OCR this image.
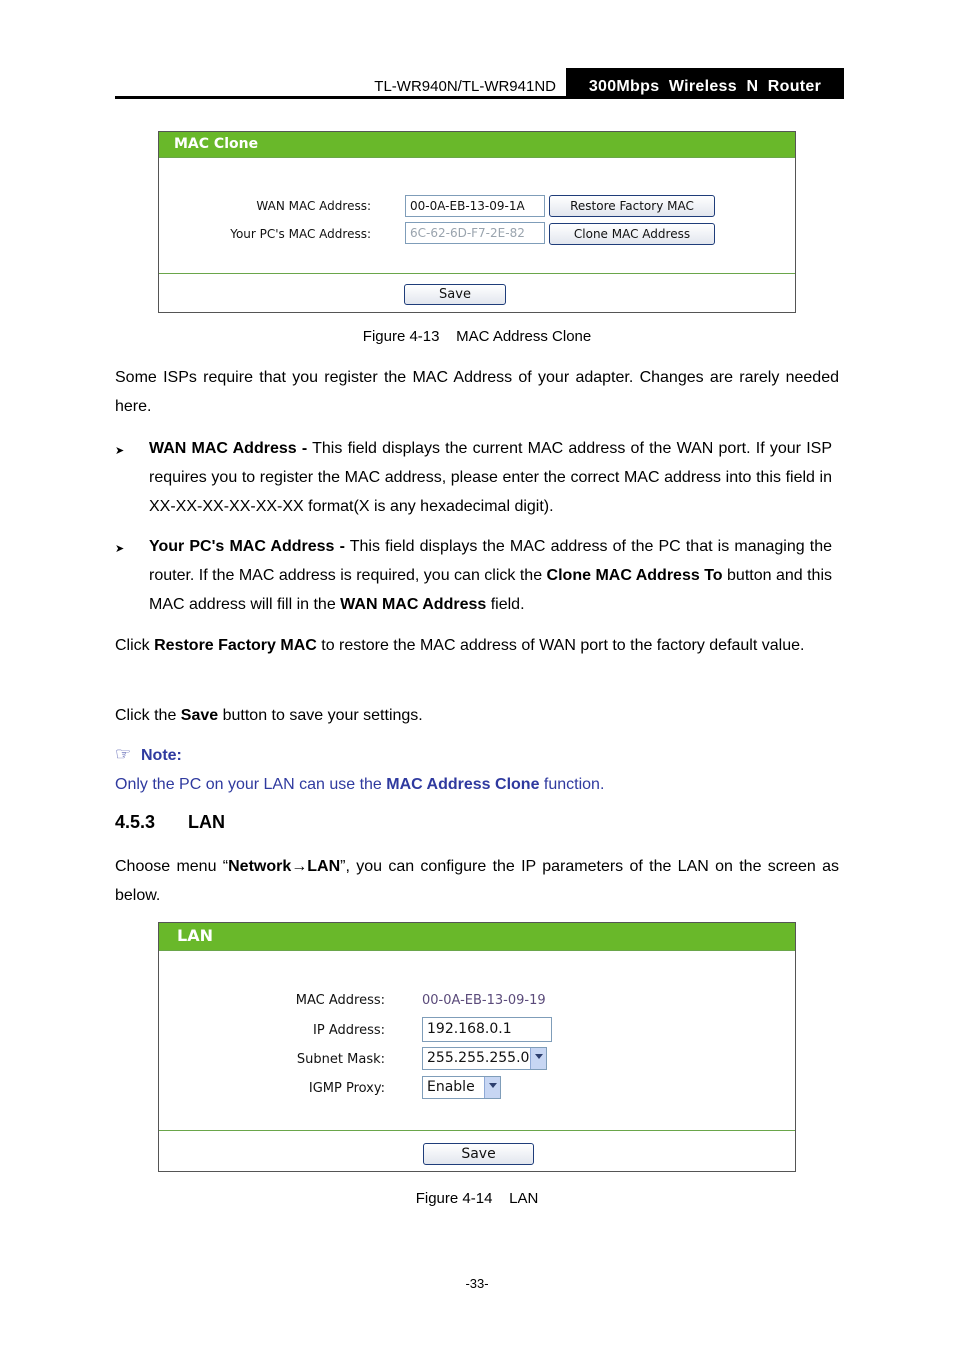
TL-WR940N/TL-WR941ND	300Mbps  Wireless  N  Router
MAC Clone
WAN MAC Address:	00-0A-EB-13-09-1A	Restore Factory MAC
Your PC's MAC Address:	6C-62-6D-F7-2E-82	Clone MAC Address
Save
Figure 4-13    MAC Address Clone
Some ISPs require that you register the MAC Address of your adapter. Changes are rarely needed here.
➤ WAN MAC Address - This field displays the current MAC address of the WAN port. If your ISP requires you to register the MAC address, please enter the correct MAC address into this field in XX-XX-XX-XX-XX-XX format(X is any hexadecimal digit).
➤ Your PC's MAC Address - This field displays the MAC address of the PC that is managing the router. If the MAC address is required, you can click the Clone MAC Address To button and this MAC address will fill in the WAN MAC Address field.
Click Restore Factory MAC to restore the MAC address of WAN port to the factory default value.
Click the Save button to save your settings.
☞ Note:
Only the PC on your LAN can use the MAC Address Clone function.
4.5.3 LAN
Choose menu “Network→LAN”, you can configure the IP parameters of the LAN on the screen as below.
LAN
MAC Address:	00-0A-EB-13-09-19
IP Address:	192.168.0.1
Subnet Mask:	255.255.255.0
IGMP Proxy:	Enable
Save
Figure 4-14    LAN
-33-
